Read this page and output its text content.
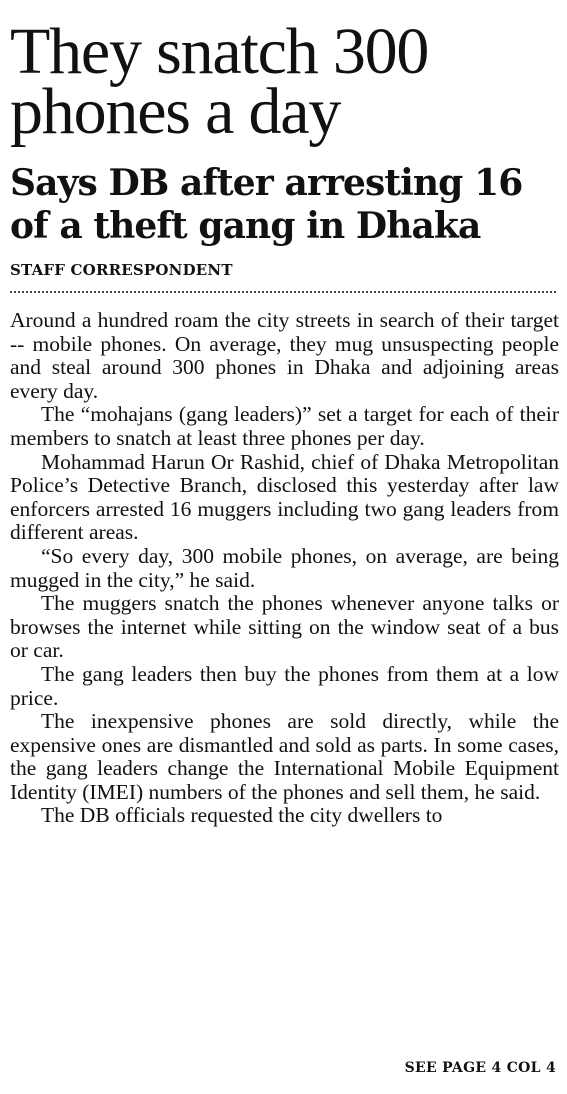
They snatch 300
phones a day
Says DB after arresting 16
of a theft gang in Dhaka
STAFF CORRESPONDENT

Around a hundred roam the city streets in search of their target -- mobile phones. On average, they mug unsuspecting people and steal around 300 phones in Dhaka and adjoining areas every day.

The “mohajans (gang leaders)” set a target for each of their members to snatch at least three phones per day.

Mohammad Harun Or Rashid, chief of Dhaka Metropolitan Police’s Detective Branch, disclosed this yesterday after law enforcers arrested 16 muggers including two gang leaders from different areas.

“So every day, 300 mobile phones, on average, are being mugged in the city,” he said.

The muggers snatch the phones whenever anyone talks or browses the internet while sitting on the window seat of a bus or car.

The gang leaders then buy the phones from them at a low price.

The inexpensive phones are sold directly, while the expensive ones are dismantled and sold as parts. In some cases, the gang leaders change the International Mobile Equipment Identity (IMEI) numbers of the phones and sell them, he said.

The DB officials requested the city dwellers to

SEE PAGE 4 COL 4
